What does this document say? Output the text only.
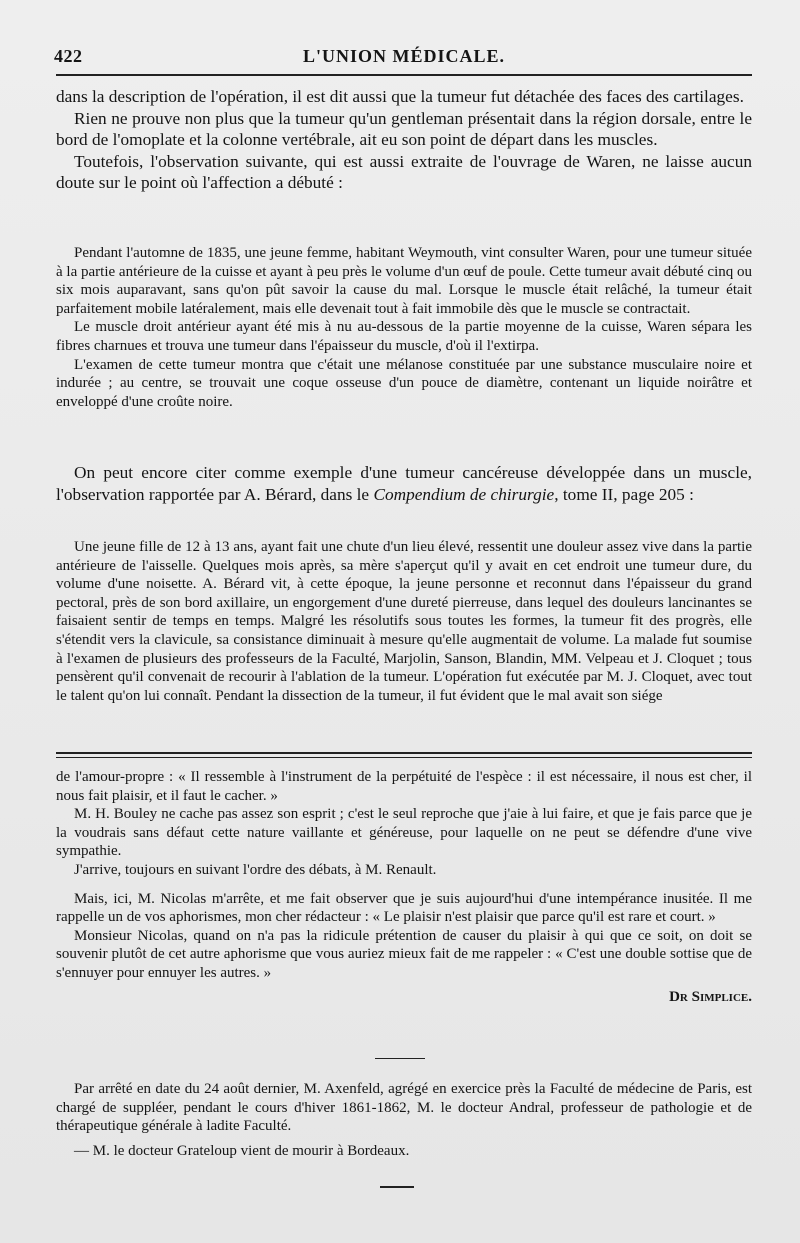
422	L'UNION MÉDICALE.

dans la description de l'opération, il est dit aussi que la tumeur fut détachée des faces des cartilages.

Rien ne prouve non plus que la tumeur qu'un gentleman présentait dans la région dorsale, entre le bord de l'omoplate et la colonne vertébrale, ait eu son point de départ dans les muscles.

Toutefois, l'observation suivante, qui est aussi extraite de l'ouvrage de Waren, ne laisse aucun doute sur le point où l'affection a débuté :

Pendant l'automne de 1835, une jeune femme, habitant Weymouth, vint consulter Waren, pour une tumeur située à la partie antérieure de la cuisse et ayant à peu près le volume d'un œuf de poule. Cette tumeur avait débuté cinq ou six mois auparavant, sans qu'on pût savoir la cause du mal. Lorsque le muscle était relâché, la tumeur était parfaitement mobile latéralement, mais elle devenait tout à fait immobile dès que le muscle se contractait.

Le muscle droit antérieur ayant été mis à nu au-dessous de la partie moyenne de la cuisse, Waren sépara les fibres charnues et trouva une tumeur dans l'épaisseur du muscle, d'où il l'extirpa.

L'examen de cette tumeur montra que c'était une mélanose constituée par une substance musculaire noire et indurée ; au centre, se trouvait une coque osseuse d'un pouce de diamètre, contenant un liquide noirâtre et enveloppé d'une croûte noire.

On peut encore citer comme exemple d'une tumeur cancéreuse développée dans un muscle, l'observation rapportée par A. Bérard, dans le Compendium de chirurgie, tome II, page 205 :

Une jeune fille de 12 à 13 ans, ayant fait une chute d'un lieu élevé, ressentit une douleur assez vive dans la partie antérieure de l'aisselle. Quelques mois après, sa mère s'aperçut qu'il y avait en cet endroit une tumeur dure, du volume d'une noisette. A. Bérard vit, à cette époque, la jeune personne et reconnut dans l'épaisseur du grand pectoral, près de son bord axillaire, un engorgement d'une dureté pierreuse, dans lequel des douleurs lancinantes se faisaient sentir de temps en temps. Malgré les résolutifs sous toutes les formes, la tumeur fit des progrès, elle s'étendit vers la clavicule, sa consistance diminuait à mesure qu'elle augmentait de volume. La malade fut soumise à l'examen de plusieurs des professeurs de la Faculté, Marjolin, Sanson, Blandin, MM. Velpeau et J. Cloquet ; tous pensèrent qu'il convenait de recourir à l'ablation de la tumeur. L'opération fut exécutée par M. J. Cloquet, avec tout le talent qu'on lui connaît. Pendant la dissection de la tumeur, il fut évident que le mal avait son siége

de l'amour-propre : « Il ressemble à l'instrument de la perpétuité de l'espèce : il est nécessaire, il nous est cher, il nous fait plaisir, et il faut le cacher. »

M. H. Bouley ne cache pas assez son esprit ; c'est le seul reproche que j'aie à lui faire, et que je fais parce que je la voudrais sans défaut cette nature vaillante et généreuse, pour laquelle on ne peut se défendre d'une vive sympathie.

J'arrive, toujours en suivant l'ordre des débats, à M. Renault.

Mais, ici, M. Nicolas m'arrête, et me fait observer que je suis aujourd'hui d'une intempérance inusitée. Il me rappelle un de vos aphorismes, mon cher rédacteur : « Le plaisir n'est plaisir que parce qu'il est rare et court. »

Monsieur Nicolas, quand on n'a pas la ridicule prétention de causer du plaisir à qui que ce soit, on doit se souvenir plutôt de cet autre aphorisme que vous auriez mieux fait de me rappeler : « C'est une double sottise que de s'ennuyer pour ennuyer les autres. »

Dr Simplice.

Par arrêté en date du 24 août dernier, M. Axenfeld, agrégé en exercice près la Faculté de médecine de Paris, est chargé de suppléer, pendant le cours d'hiver 1861-1862, M. le docteur Andral, professeur de pathologie et de thérapeutique générale à ladite Faculté.

— M. le docteur Grateloup vient de mourir à Bordeaux.
